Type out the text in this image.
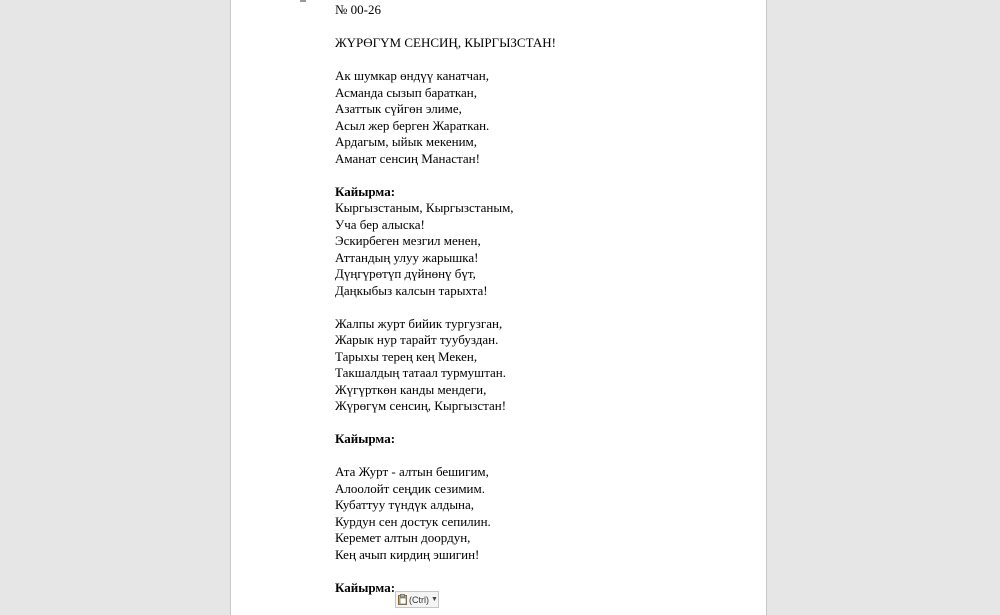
№ 00-26
ЖҮРӨГҮМ СЕНСИҢ, КЫРГЫЗСТАН!
Ак шумкар өндүү канатчан,
Асманда сызып бараткан,
Азаттык сүйгөн элиме,
Асыл жер берген Жараткан.
Ардагым, ыйык мекеним,
Аманат сенсиң Манастан!
Кайырма:
Кыргызстаным, Кыргызстаным,
Уча бер алыска!
Эскирбеген мезгил менен,
Аттандың улуу жарышка!
Дүңгүрөтүп дүйнөнү бүт,
Даңкыбыз калсын тарыхта!
Жалпы журт бийик тургузган,
Жарык нур тарайт туубуздан.
Тарыхы терең кең Мекен,
Такшалдың татаал турмуштан.
Жүгүрткөн канды мендеги,
Жүрөгүм сенсиң, Кыргызстан!
Кайырма:
Ата Журт - алтын бешигим,
Алоолойт сеңдик сезимим.
Кубаттуу түндүк алдына,
Курдун сен достук сепилин.
Керемет алтын доордун,
Кең ачып кирдиң эшигин!
Кайырма:
(Ctrl) ▼
